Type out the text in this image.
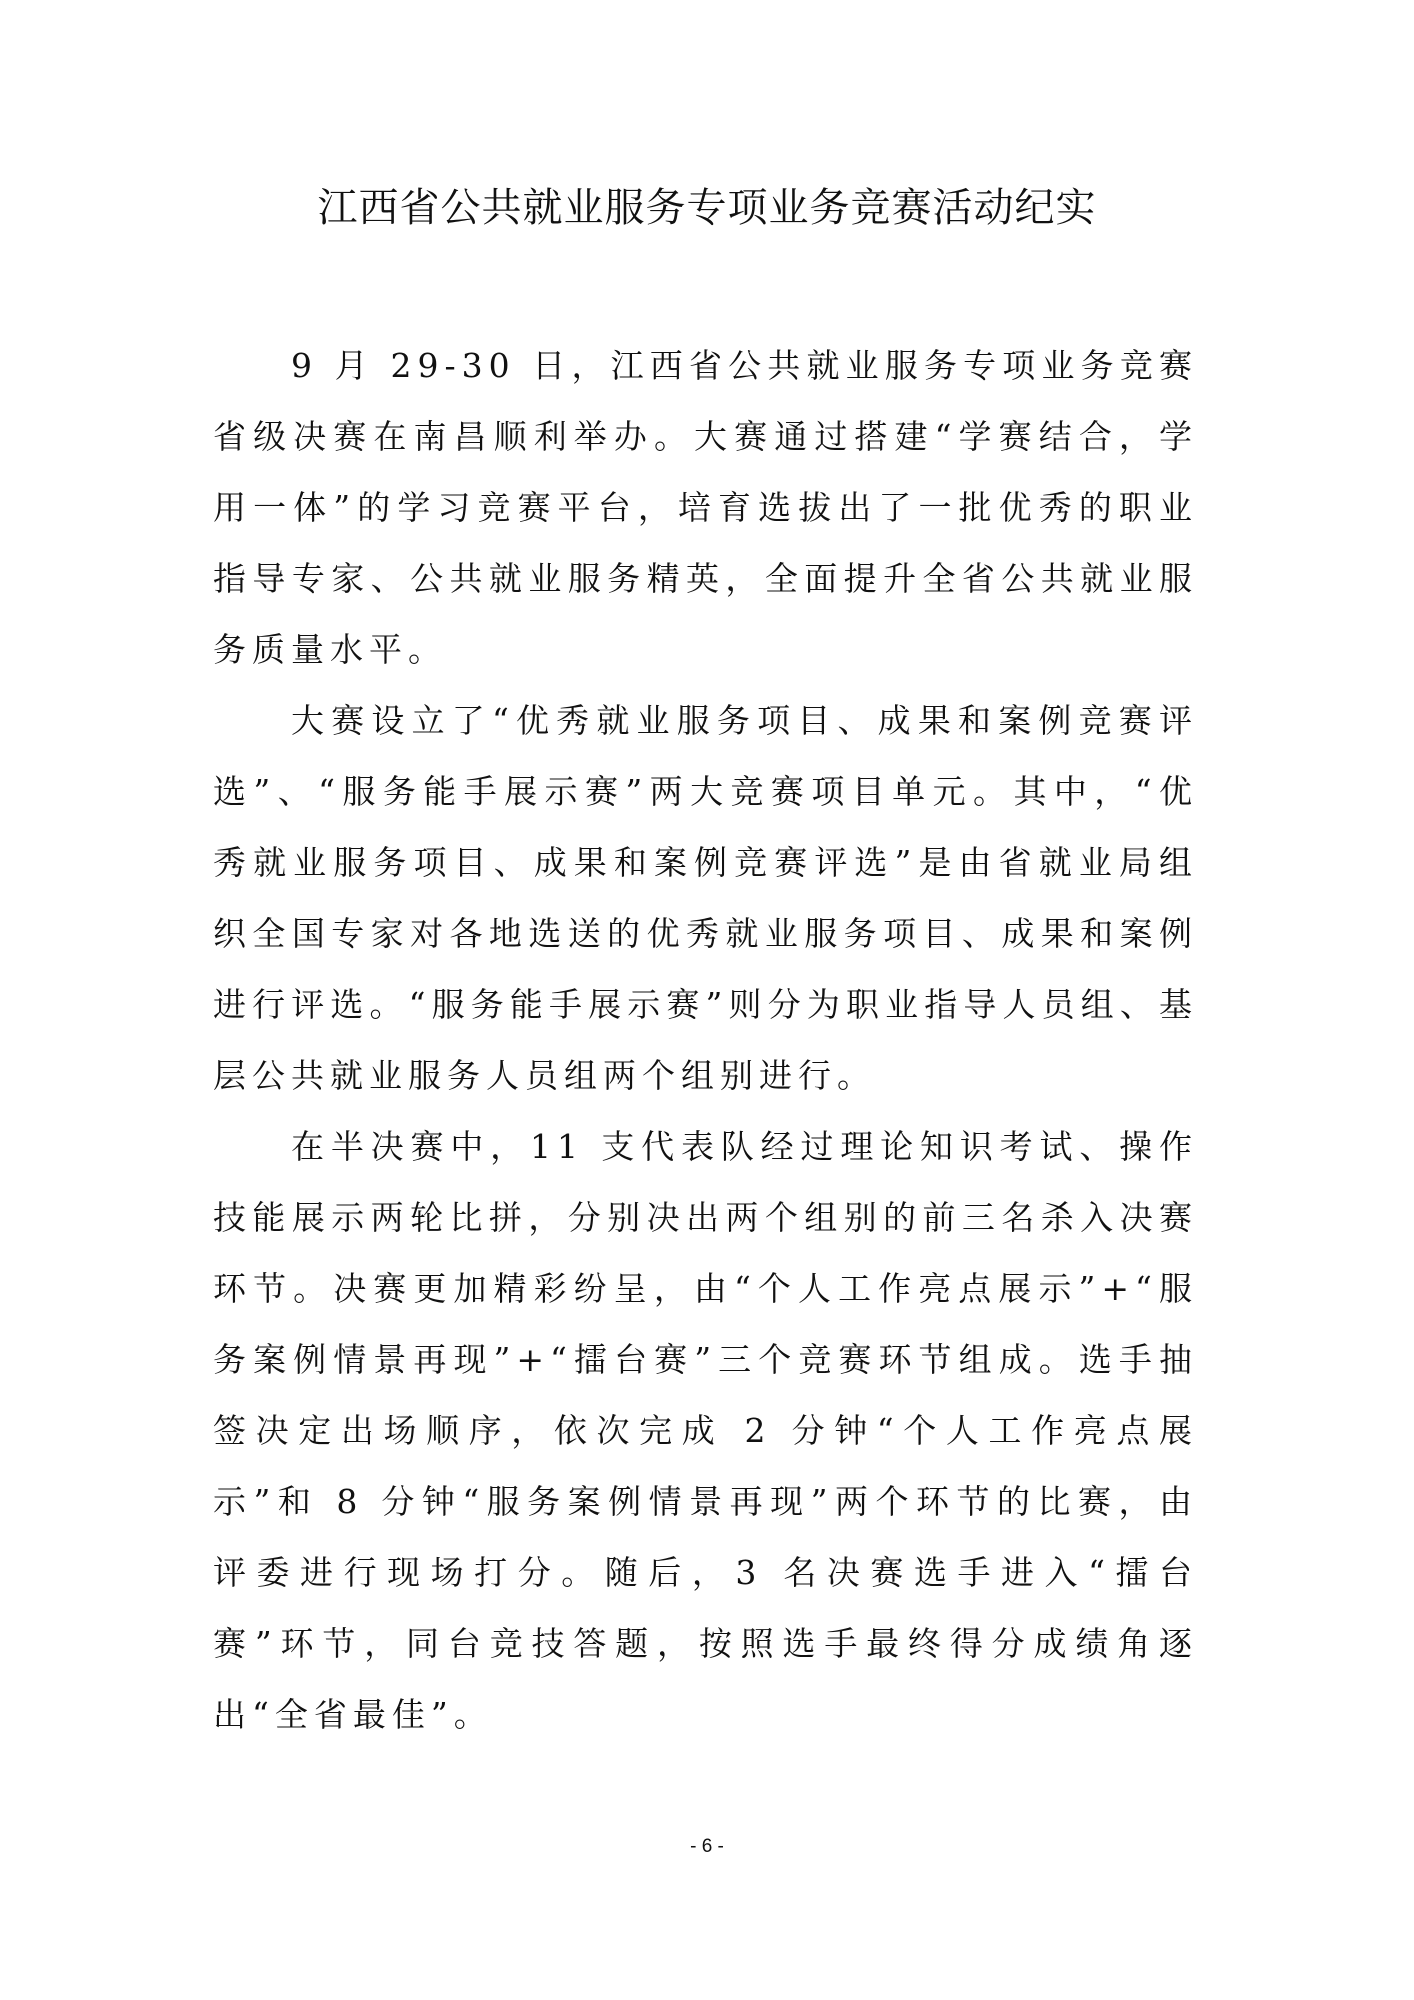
江西省公共就业服务专项业务竞赛活动纪实

9 月 29-30 日，江西省公共就业服务专项业务竞赛省级决赛在南昌顺利举办。大赛通过搭建“学赛结合，学用一体”的学习竞赛平台，培育选拔出了一批优秀的职业指导专家、公共就业服务精英，全面提升全省公共就业服务质量水平。

大赛设立了“优秀就业服务项目、成果和案例竞赛评选”、“服务能手展示赛”两大竞赛项目单元。其中，“优秀就业服务项目、成果和案例竞赛评选”是由省就业局组织全国专家对各地选送的优秀就业服务项目、成果和案例进行评选。“服务能手展示赛”则分为职业指导人员组、基层公共就业服务人员组两个组别进行。

在半决赛中，11 支代表队经过理论知识考试、操作技能展示两轮比拼，分别决出两个组别的前三名杀入决赛环节。决赛更加精彩纷呈，由“个人工作亮点展示”+“服务案例情景再现”+“擂台赛”三个竞赛环节组成。选手抽签决定出场顺序，依次完成 2 分钟“个人工作亮点展示”和 8 分钟“服务案例情景再现”两个环节的比赛，由评委进行现场打分。随后，3 名决赛选手进入“擂台赛”环节，同台竞技答题，按照选手最终得分成绩角逐出“全省最佳”。

- 6 -
